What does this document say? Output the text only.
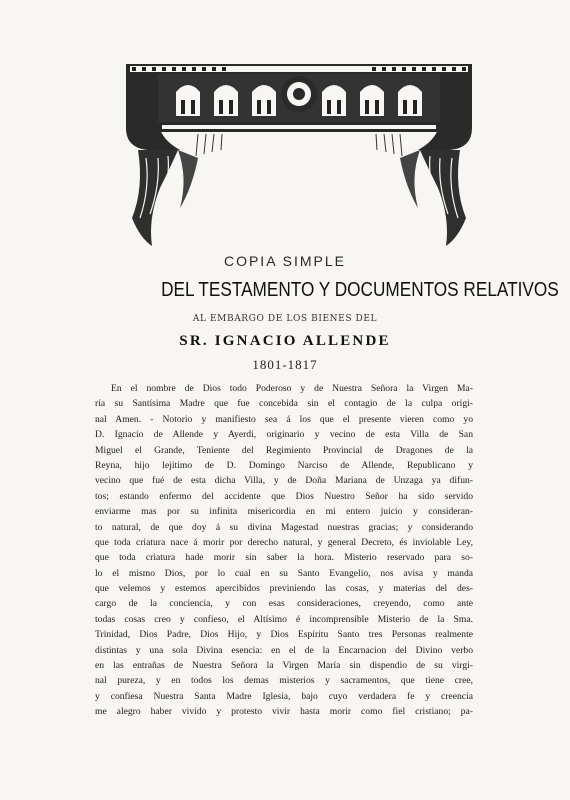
COPIA SIMPLE
DEL TESTAMENTO Y DOCUMENTOS RELATIVOS
AL EMBARGO DE LOS BIENES DEL
SR. IGNACIO ALLENDE
1801-1817
En el nombre de Dios todo Poderoso y de Nuestra Señora la Virgen Ma-
ría su Santísima Madre que fue concebida sin el contagio de la culpa origi-
nal Amen. - Notorio y manifiesto sea á los que el presente vieren como yo
D. Ignacio de Allende y Ayerdi, originario y vecino de esta Villa de San
Miguel el Grande, Teniente del Regimiento Provincial de Dragones de la
Reyna, hijo lejítimo de D. Domingo Narciso de Allende, Republicano y
vecino que fué de esta dicha Villa, y de Doña Mariana de Unzaga ya difun-
tos; estando enfermo del accidente que Dios Nuestro Señor ha sido servido
enviarme mas por su infinita misericordia en mi entero juicio y consideran-
to natural, de que doy á su divina Magestad nuestras gracias; y considerando
que toda criatura nace á morir por derecho natural, y general Decreto, és inviolable Ley,
que toda criatura hade morir sin saber la hora. Misterio reservado para so-
lo el mismo Dios, por lo cual en su Santo Evangelio, nos avisa y manda
que velemos y estemos apercibidos previniendo las cosas, y materias del des-
cargo de la conciencia, y con esas consideraciones, creyendo, como ante
todas cosas creo y confieso, el Altísimo é incomprensible Misterio de la Sma.
Trinidad, Dios Padre, Dios Hijo, y Dios Espíritu Santo tres Personas realmente
distintas y una sola Divina esencia: en el de la Encarnacion del Divino verbo
en las entrañas de Nuestra Señora la Virgen María sin dispendio de su virgi-
nal pureza, y en todos los demas misterios y sacramentos, que tiene cree,
y confiesa Nuestra Santa Madre Iglesia, bajo cuyo verdadera fe y creencia
me alegro haber vivido y protesto vivir hasta morir como fiel cristiano; pa-
